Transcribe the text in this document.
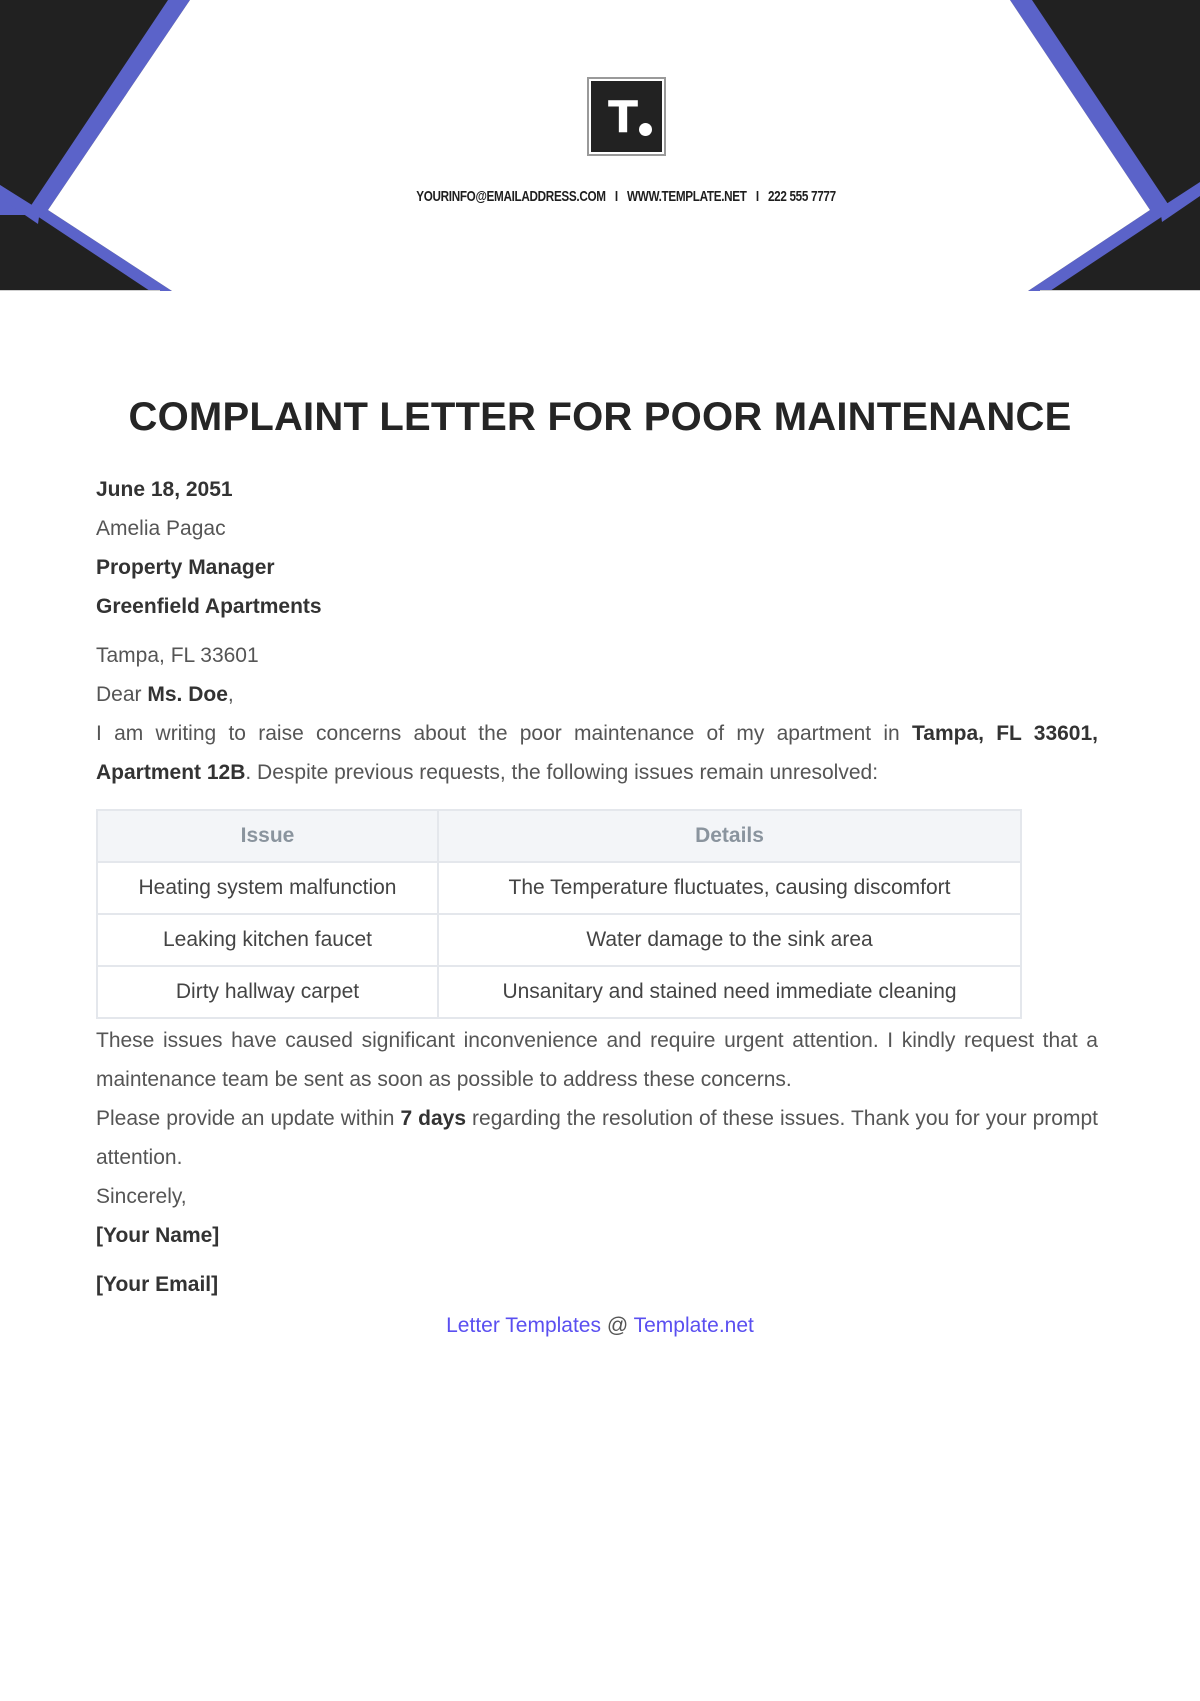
T
YOURINFO@EMAILADDRESS.COM I WWW.TEMPLATE.NET I 222 555 7777
COMPLAINT LETTER FOR POOR MAINTENANCE
June 18, 2051
Amelia Pagac
Property Manager
Greenfield Apartments
Tampa, FL 33601
Dear Ms. Doe,

I am writing to raise concerns about the poor maintenance of my apartment in Tampa, FL 33601, Apartment 12B. Despite previous requests, the following issues remain unresolved:

Issue	Details
Heating system malfunction	The Temperature fluctuates, causing discomfort
Leaking kitchen faucet	Water damage to the sink area
Dirty hallway carpet	Unsanitary and stained need immediate cleaning

These issues have caused significant inconvenience and require urgent attention. I kindly request that a maintenance team be sent as soon as possible to address these concerns.

Please provide an update within 7 days regarding the resolution of these issues. Thank you for your prompt attention.

Sincerely,
[Your Name]
[Your Email]
Letter Templates @ Template.net
